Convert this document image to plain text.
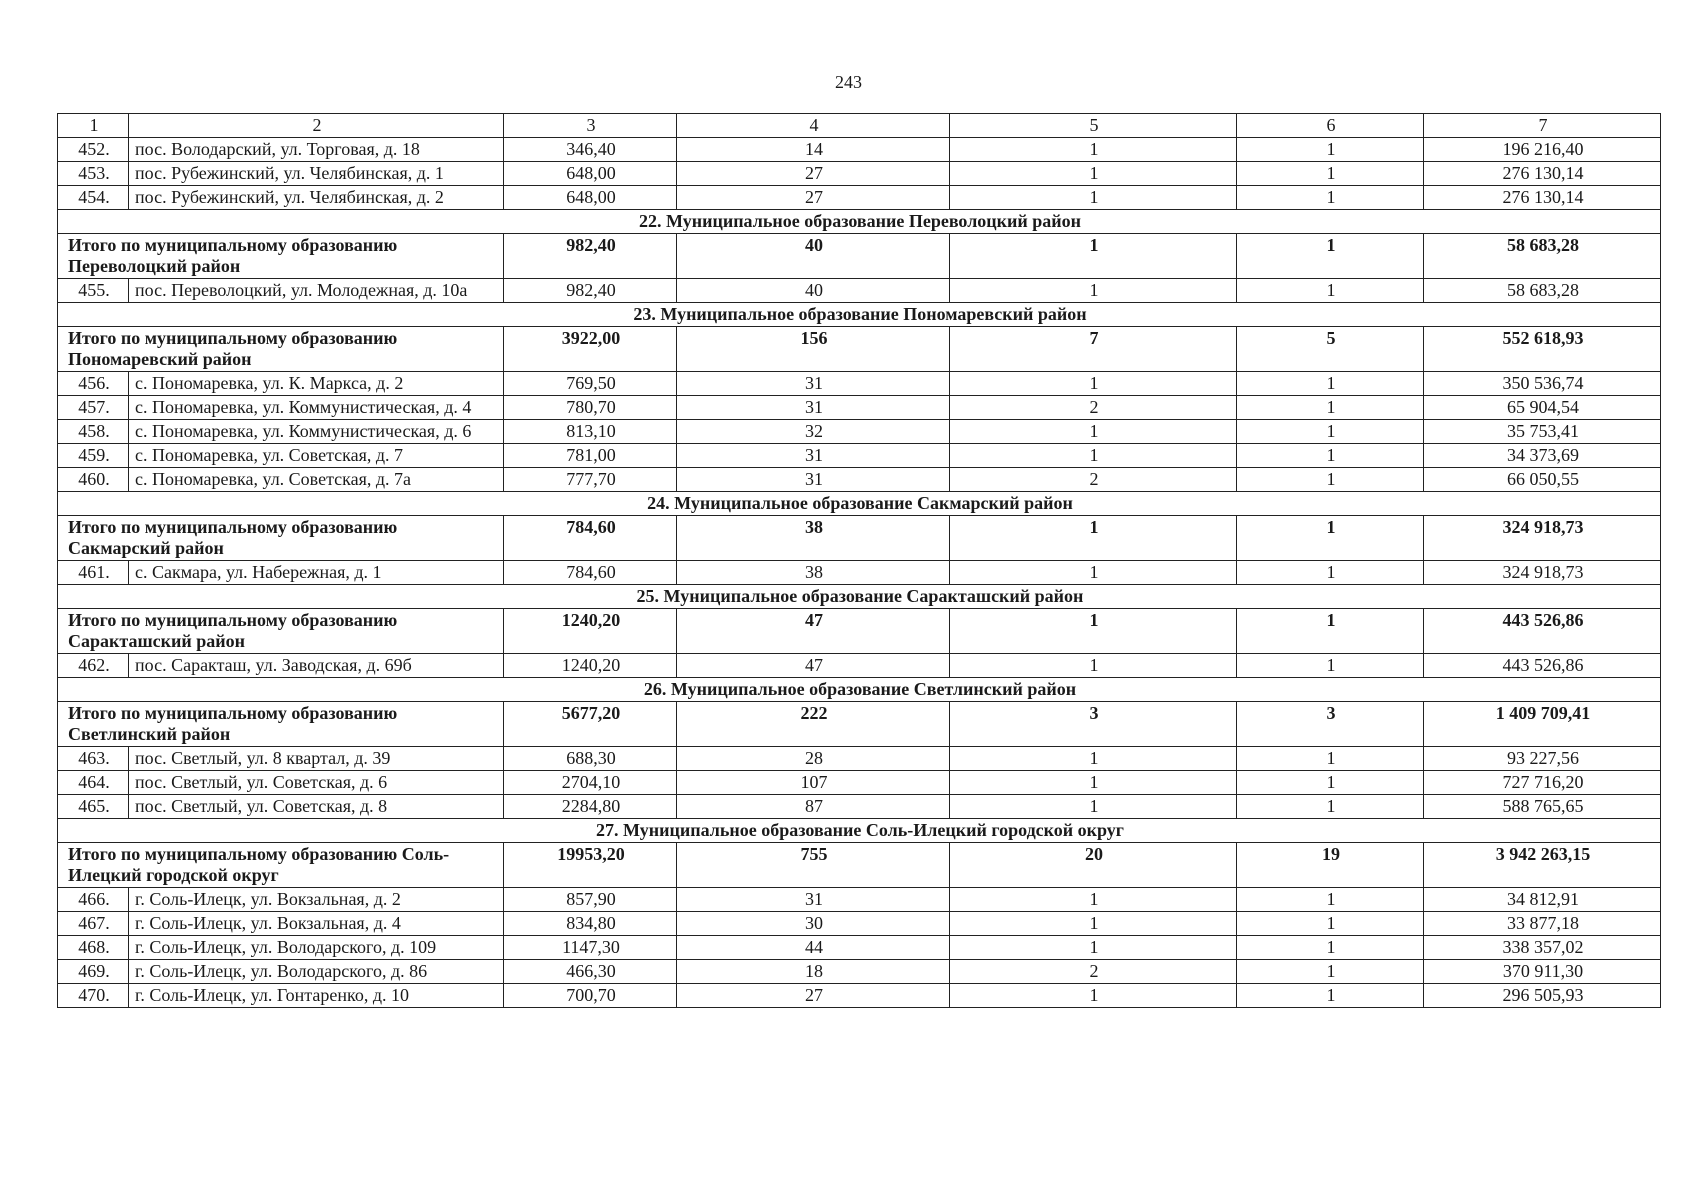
243
1	2	3	4	5	6	7
452.	пос. Володарский, ул. Торговая, д. 18	346,40	14	1	1	196 216,40
453.	пос. Рубежинский, ул. Челябинская, д. 1	648,00	27	1	1	276 130,14
454.	пос. Рубежинский, ул. Челябинская, д. 2	648,00	27	1	1	276 130,14
22. Муниципальное образование Переволоцкий район						
Итого по муниципальному образованию Переволоцкий район		982,40	40	1	1	58 683,28
455.	пос. Переволоцкий, ул. Молодежная, д. 10а	982,40	40	1	1	58 683,28
23. Муниципальное образование Пономаревский район						
Итого по муниципальному образованию Пономаревский район		3922,00	156	7	5	552 618,93
456.	с. Пономаревка, ул. К. Маркса, д. 2	769,50	31	1	1	350 536,74
457.	с. Пономаревка, ул. Коммунистическая, д. 4	780,70	31	2	1	65 904,54
458.	с. Пономаревка, ул. Коммунистическая, д. 6	813,10	32	1	1	35 753,41
459.	с. Пономаревка, ул. Советская, д. 7	781,00	31	1	1	34 373,69
460.	с. Пономаревка, ул. Советская, д. 7а	777,70	31	2	1	66 050,55
24. Муниципальное образование Сакмарский район						
Итого по муниципальному образованию Сакмарский район		784,60	38	1	1	324 918,73
461.	с. Сакмара, ул. Набережная, д. 1	784,60	38	1	1	324 918,73
25. Муниципальное образование Саракташский район						
Итого по муниципальному образованию Саракташский район		1240,20	47	1	1	443 526,86
462.	пос. Саракташ, ул. Заводская, д. 69б	1240,20	47	1	1	443 526,86
26. Муниципальное образование Светлинский район						
Итого по муниципальному образованию Светлинский район		5677,20	222	3	3	1 409 709,41
463.	пос. Светлый, ул. 8 квартал, д. 39	688,30	28	1	1	93 227,56
464.	пос. Светлый, ул. Советская, д. 6	2704,10	107	1	1	727 716,20
465.	пос. Светлый, ул. Советская, д. 8	2284,80	87	1	1	588 765,65
27. Муниципальное образование Соль-Илецкий городской округ						
Итого по муниципальному образованию Соль-Илецкий городской округ		19953,20	755	20	19	3 942 263,15
466.	г. Соль-Илецк, ул. Вокзальная, д. 2	857,90	31	1	1	34 812,91
467.	г. Соль-Илецк, ул. Вокзальная, д. 4	834,80	30	1	1	33 877,18
468.	г. Соль-Илецк, ул. Володарского, д. 109	1147,30	44	1	1	338 357,02
469.	г. Соль-Илецк, ул. Володарского, д. 86	466,30	18	2	1	370 911,30
470.	г. Соль-Илецк, ул. Гонтаренко, д. 10	700,70	27	1	1	296 505,93
